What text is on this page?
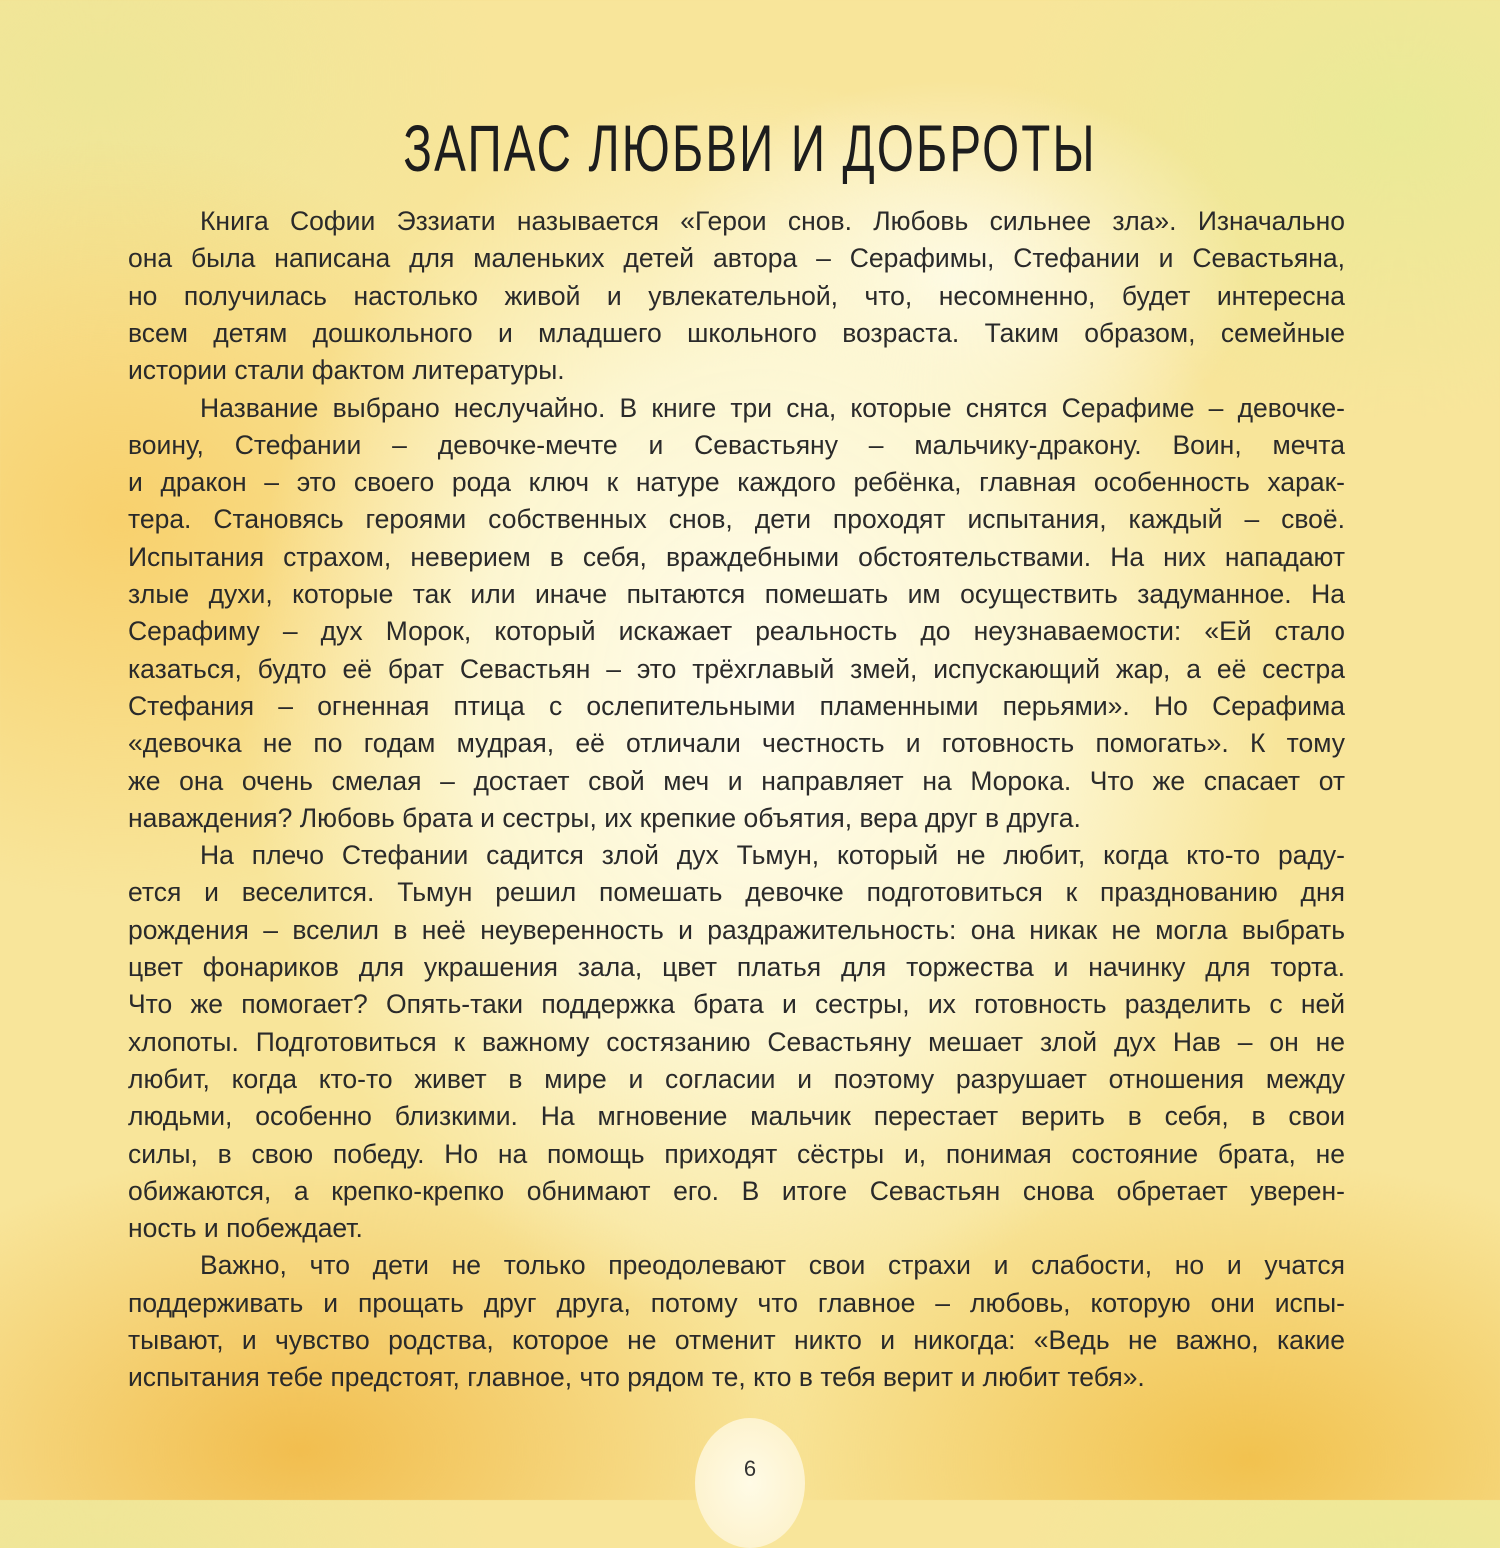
ЗАПАС ЛЮБВИ И ДОБРОТЫ
Книга Софии Эззиати называется «Герои снов. Любовь сильнее зла». Изначально
она была написана для маленьких детей автора – Серафимы, Стефании и Севастьяна,
но получилась настолько живой и увлекательной, что, несомненно, будет интересна
всем детям дошкольного и младшего школьного возраста. Таким образом, семейные
истории стали фактом литературы.
Название выбрано неслучайно. В книге три сна, которые снятся Серафиме – девочке-
воину, Стефании – девочке-мечте и Севастьяну – мальчику-дракону. Воин, мечта
и дракон – это своего рода ключ к натуре каждого ребёнка, главная особенность харак-
тера. Становясь героями собственных снов, дети проходят испытания, каждый – своё.
Испытания страхом, неверием в себя, враждебными обстоятельствами. На них нападают
злые духи, которые так или иначе пытаются помешать им осуществить задуманное. На
Серафиму – дух Морок, который искажает реальность до неузнаваемости: «Ей стало
казаться, будто её брат Севастьян – это трёхглавый змей, испускающий жар, а её сестра
Стефания – огненная птица с ослепительными пламенными перьями». Но Серафима
«девочка не по годам мудрая, её отличали честность и готовность помогать». К тому
же она очень смелая – достает свой меч и направляет на Морока. Что же спасает от
наваждения? Любовь брата и сестры, их крепкие объятия, вера друг в друга.
На плечо Стефании садится злой дух Тьмун, который не любит, когда кто-то раду-
ется и веселится. Тьмун решил помешать девочке подготовиться к празднованию дня
рождения – вселил в неё неуверенность и раздражительность: она никак не могла выбрать
цвет фонариков для украшения зала, цвет платья для торжества и начинку для торта.
Что же помогает? Опять-таки поддержка брата и сестры, их готовность разделить с ней
хлопоты. Подготовиться к важному состязанию Севастьяну мешает злой дух Нав – он не
любит, когда кто-то живет в мире и согласии и поэтому разрушает отношения между
людьми, особенно близкими. На мгновение мальчик перестает верить в себя, в свои
силы, в свою победу. Но на помощь приходят сёстры и, понимая состояние брата, не
обижаются, а крепко-крепко обнимают его. В итоге Севастьян снова обретает уверен-
ность и побеждает.
Важно, что дети не только преодолевают свои страхи и слабости, но и учатся
поддерживать и прощать друг друга, потому что главное – любовь, которую они испы-
тывают, и чувство родства, которое не отменит никто и никогда: «Ведь не важно, какие
испытания тебе предстоят, главное, что рядом те, кто в тебя верит и любит тебя».
6
